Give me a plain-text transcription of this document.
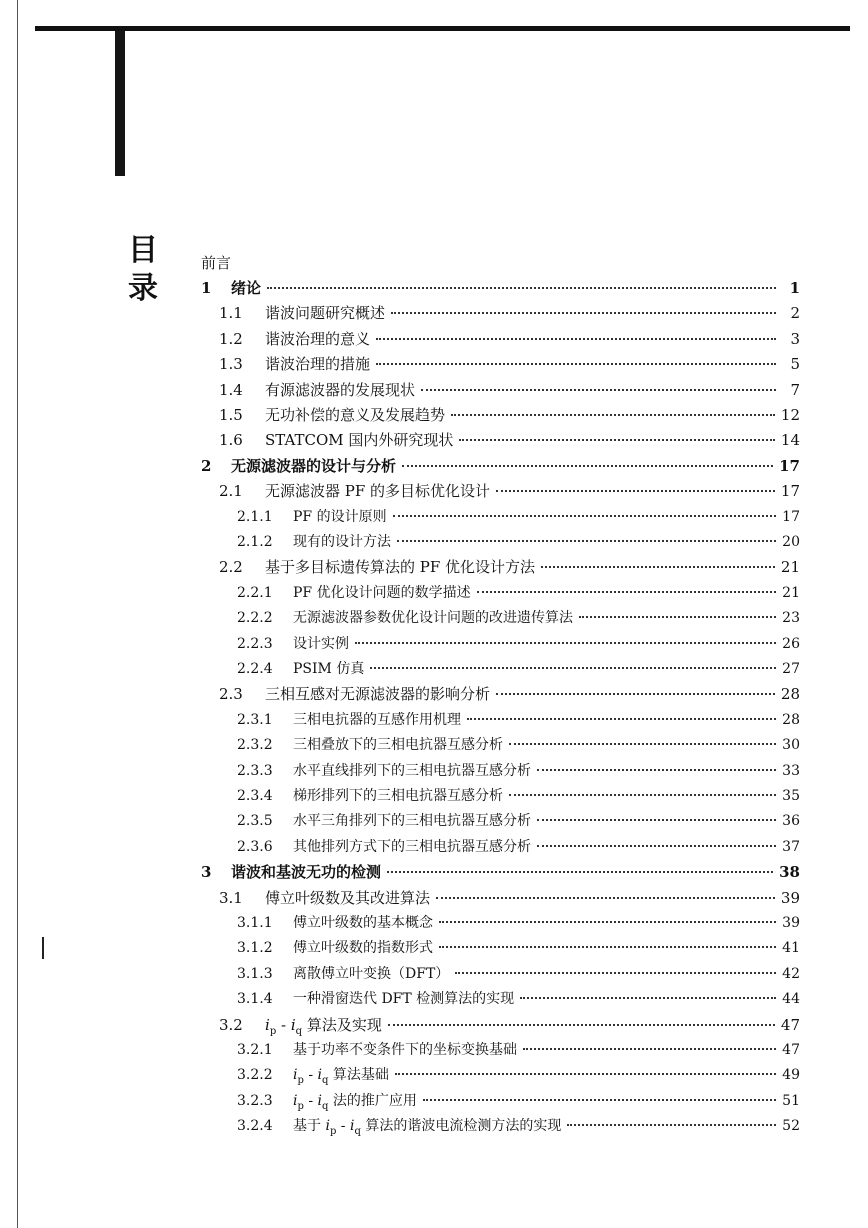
目
录
前言
1	绪论	1
1.1	谐波问题研究概述	2
1.2	谐波治理的意义	3
1.3	谐波治理的措施	5
1.4	有源滤波器的发展现状	7
1.5	无功补偿的意义及发展趋势	12
1.6	STATCOM 国内外研究现状	14
2	无源滤波器的设计与分析	17
2.1	无源滤波器 PF 的多目标优化设计	17
2.1.1	PF 的设计原则	17
2.1.2	现有的设计方法	20
2.2	基于多目标遗传算法的 PF 优化设计方法	21
2.2.1	PF 优化设计问题的数学描述	21
2.2.2	无源滤波器参数优化设计问题的改进遗传算法	23
2.2.3	设计实例	26
2.2.4	PSIM 仿真	27
2.3	三相互感对无源滤波器的影响分析	28
2.3.1	三相电抗器的互感作用机理	28
2.3.2	三相叠放下的三相电抗器互感分析	30
2.3.3	水平直线排列下的三相电抗器互感分析	33
2.3.4	梯形排列下的三相电抗器互感分析	35
2.3.5	水平三角排列下的三相电抗器互感分析	36
2.3.6	其他排列方式下的三相电抗器互感分析	37
3	谐波和基波无功的检测	38
3.1	傅立叶级数及其改进算法	39
3.1.1	傅立叶级数的基本概念	39
3.1.2	傅立叶级数的指数形式	41
3.1.3	离散傅立叶变换（DFT）	42
3.1.4	一种滑窗迭代 DFT 检测算法的实现	44
3.2	$i_p - i_q$ 算法及实现	47
3.2.1	基于功率不变条件下的坐标变换基础	47
3.2.2	$i_p - i_q$ 算法基础	49
3.2.3	$i_p - i_q$ 法的推广应用	51
3.2.4	基于 $i_p - i_q$ 算法的谐波电流检测方法的实现	52
